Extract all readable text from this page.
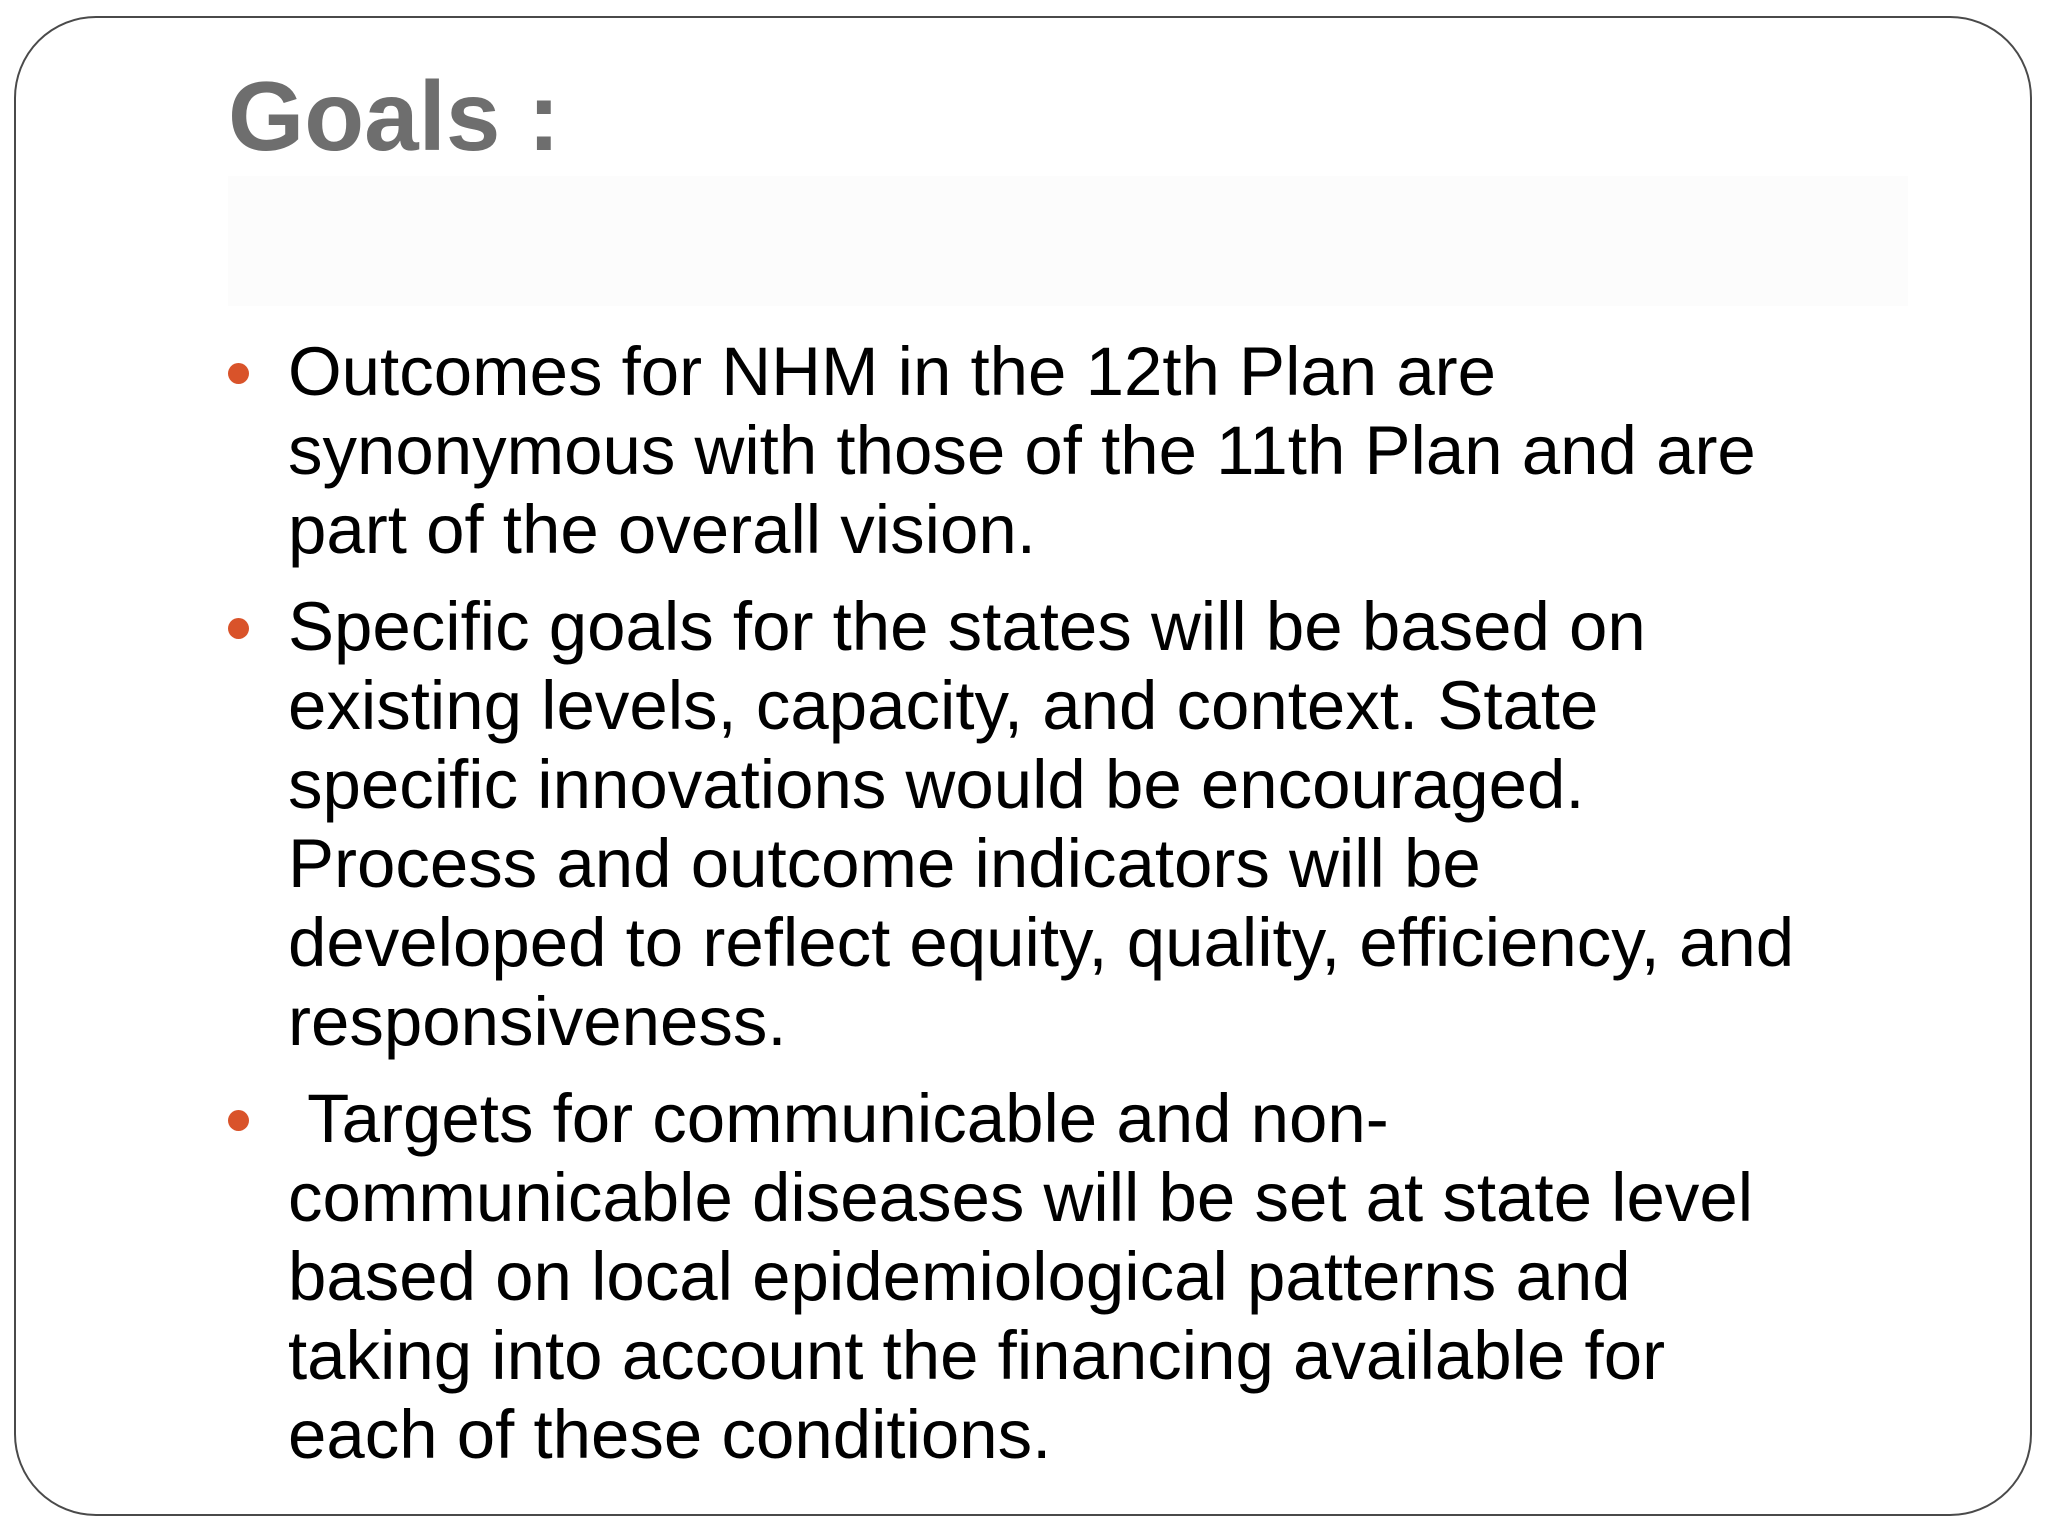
Goals :
Outcomes for NHM in the 12th Plan are
synonymous with those of the 11th Plan and are
part of the overall vision.
Specific goals for the states will be based on
existing levels, capacity, and context. State
specific innovations would be encouraged.
Process and outcome indicators will be
developed to reflect equity, quality, efficiency, and
responsiveness.
Targets for communicable and non-
communicable diseases will be set at state level
based on local epidemiological patterns and
taking into account the financing available for
each of these conditions.
